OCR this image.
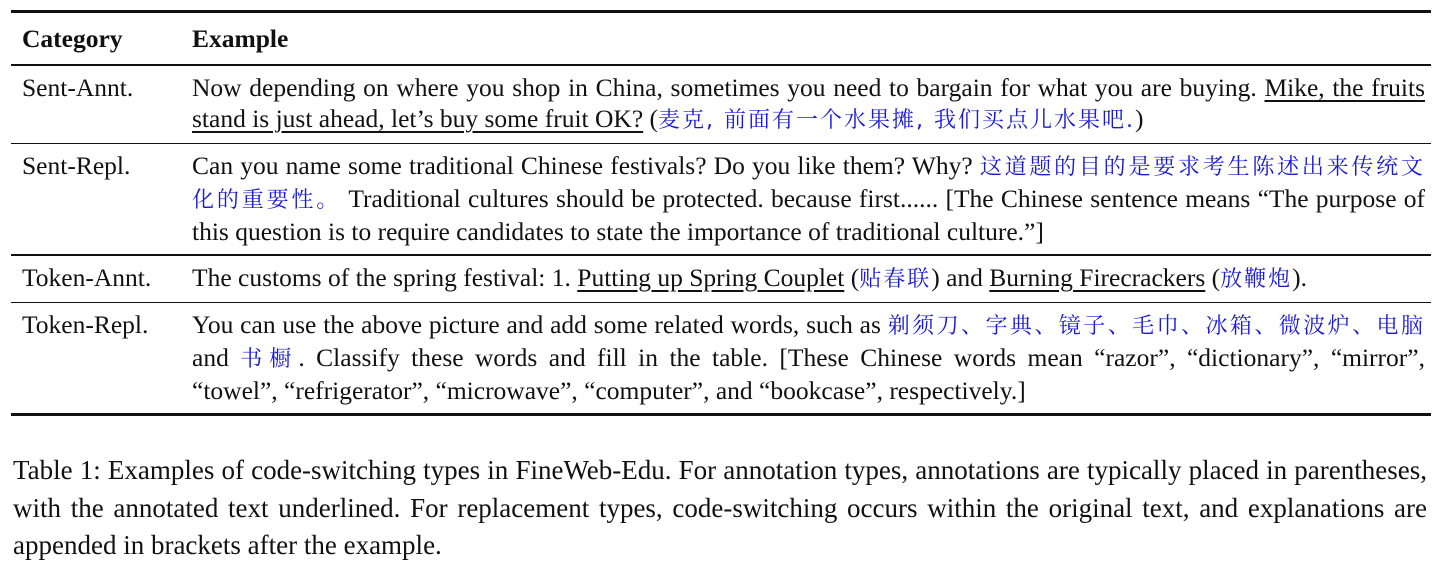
Category	Example
Sent-Annt.	Now depending on where you shop in China, sometimes you need to bargain for what you are buying. Mike, the fruits stand is just ahead, let’s buy some fruit OK? (麦克, 前面有一个水果摊, 我们买点儿水果吧.)
Sent-Repl.	Can you name some traditional Chinese festivals? Do you like them? Why? 这道题的目的是要求考生陈述出来传统文化的重要性。 Traditional cultures should be protected. because first...... [The Chinese sentence means “The purpose of this question is to require candidates to state the importance of traditional culture.”]
Token-Annt.	The customs of the spring festival: 1. Putting up Spring Couplet (贴春联) and Burning Firecrackers (放鞭炮).
Token-Repl.	You can use the above picture and add some related words, such as 剃须刀、字典、镜子、毛巾、冰箱、微波炉、电脑 and 书橱. Classify these words and fill in the table. [These Chinese words mean “razor”, “dictionary”, “mirror”, “towel”, “refrigerator”, “microwave”, “computer”, and “bookcase”, respectively.]
Table 1: Examples of code-switching types in FineWeb-Edu. For annotation types, annotations are typically placed in parentheses, with the annotated text underlined. For replacement types, code-switching occurs within the original text, and explanations are appended in brackets after the example.
